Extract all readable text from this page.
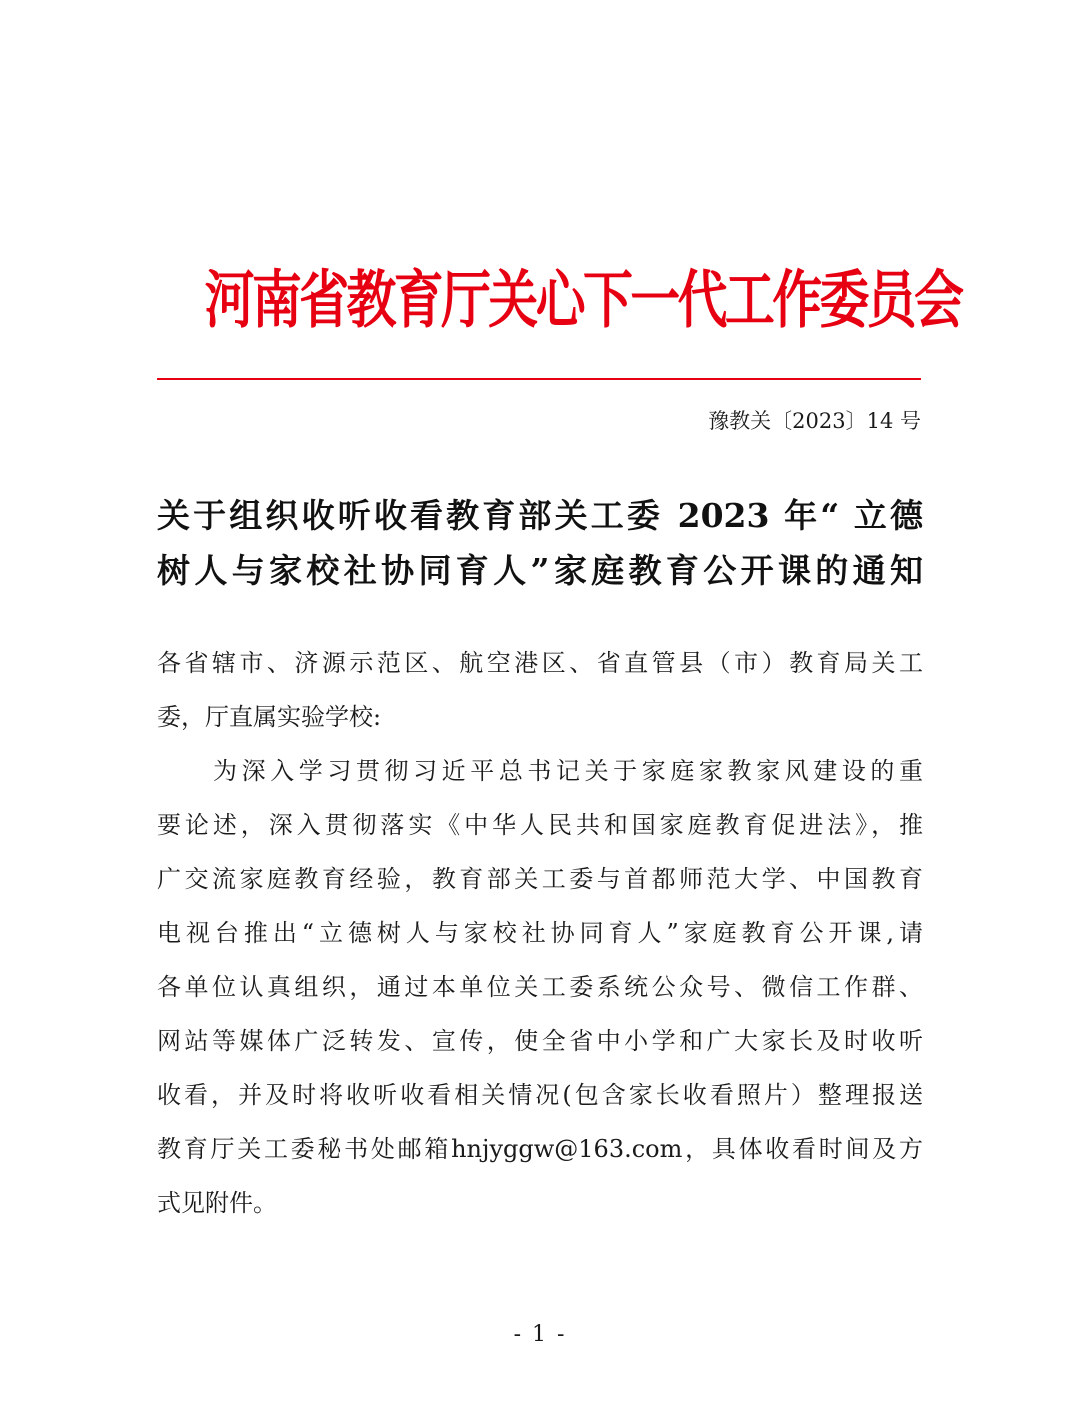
河南省教育厅关心下一代工作委员会
豫教关〔2023〕14 号
关于组织收听收看教育部关工委 2023 年“ 立德
树人与家校社协同育人”家庭教育公开课的通知
各省辖市、济源示范区、航空港区、省直管县（市）教育局关工
委，厅直属实验学校:
为深入学习贯彻习近平总书记关于家庭家教家风建设的重
要论述，深入贯彻落实《中华人民共和国家庭教育促进法》，推
广交流家庭教育经验，教育部关工委与首都师范大学、中国教育
电视台推出“立德树人与家校社协同育人”家庭教育公开课,请
各单位认真组织，通过本单位关工委系统公众号、微信工作群、
网站等媒体广泛转发、宣传，使全省中小学和广大家长及时收听
收看，并及时将收听收看相关情况(包含家长收看照片）整理报送
教育厅关工委秘书处邮箱hnjyggw@163.com，具体收看时间及方
式见附件。
- 1 -
